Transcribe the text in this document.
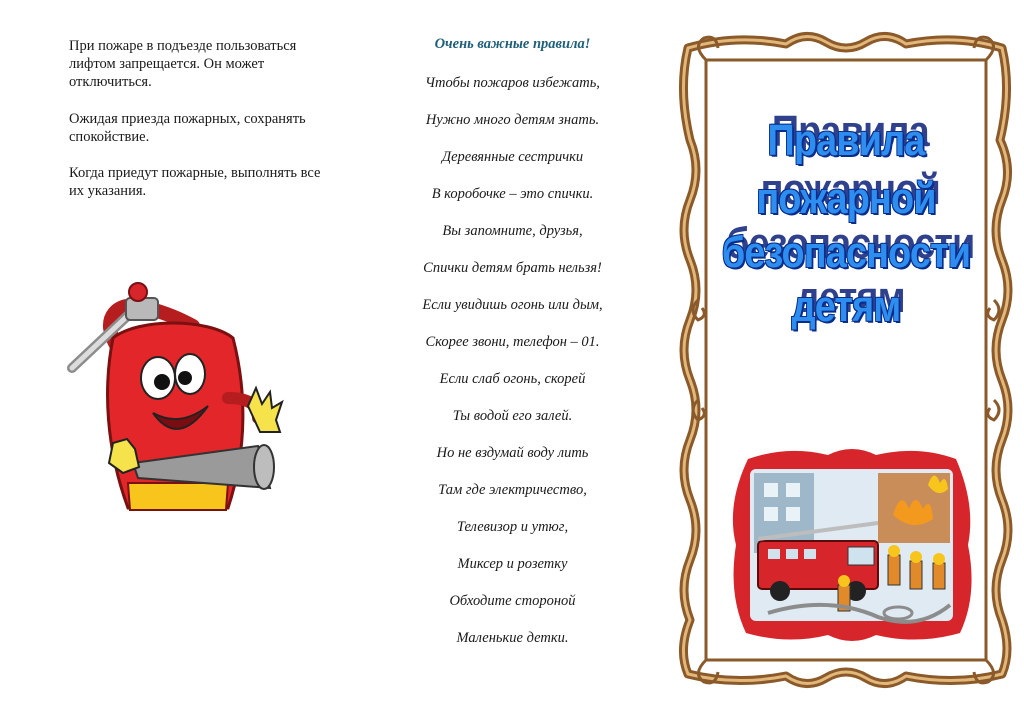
При пожаре в подъезде пользоваться лифтом запрещается. Он может отключиться.

Ожидая приезда пожарных, сохранять спокойствие.

Когда приедут пожарные, выполнять все их указания.

Очень важные правила!

Чтобы пожаров избежать,

Нужно много детям знать.

Деревянные сестрички

В коробочке – это спички.

Вы запомните, друзья,

Спички детям брать нельзя!

Если увидишь огонь или дым,

Скорее звони, телефон – 01.

Если слаб огонь, скорей

Ты водой его залей.

Но не вздумай воду лить

Там где электричество,

Телевизор и утюг,

Миксер и розетку

Обходите стороной

Маленькие детки.

Правила

пожарной

безопасности

детям
